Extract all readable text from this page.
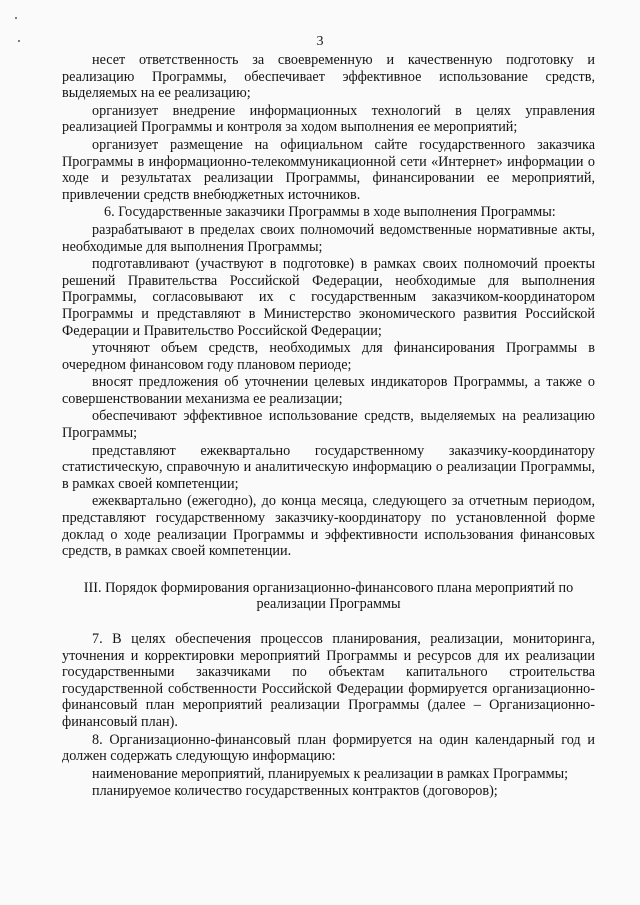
3

несет ответственность за своевременную и качественную подготовку и реализацию Программы, обеспечивает эффективное использование средств, выделяемых на ее реализацию;

организует внедрение информационных технологий в целях управления реализацией Программы и контроля за ходом выполнения ее мероприятий;

организует размещение на официальном сайте государственного заказчика Программы в информационно-телекоммуникационной сети «Интернет» информации о ходе и результатах реализации Программы, финансировании ее мероприятий, привлечении средств внебюджетных источников.

6. Государственные заказчики Программы в ходе выполнения Программы:

разрабатывают в пределах своих полномочий ведомственные нормативные акты, необходимые для выполнения Программы;

подготавливают (участвуют в подготовке) в рамках своих полномочий проекты решений Правительства Российской Федерации, необходимые для выполнения Программы, согласовывают их с государственным заказчиком-координатором Программы и представляют в Министерство экономического развития Российской Федерации и Правительство Российской Федерации;

уточняют объем средств, необходимых для финансирования Программы в очередном финансовом году плановом периоде;

вносят предложения об уточнении целевых индикаторов Программы, а также о совершенствовании механизма ее реализации;

обеспечивают эффективное использование средств, выделяемых на реализацию Программы;

представляют ежеквартально государственному заказчику-координатору статистическую, справочную и аналитическую информацию о реализации Программы, в рамках своей компетенции;

ежеквартально (ежегодно), до конца месяца, следующего за отчетным периодом, представляют государственному заказчику-координатору по установленной форме доклад о ходе реализации Программы и эффективности использования финансовых средств, в рамках своей компетенции.

III. Порядок формирования организационно-финансового плана мероприятий по реализации Программы

7. В целях обеспечения процессов планирования, реализации, мониторинга, уточнения и корректировки мероприятий Программы и ресурсов для их реализации государственными заказчиками по объектам капитального строительства государственной собственности Российской Федерации формируется организационно-финансовый план мероприятий реализации Программы (далее – Организационно-финансовый план).

8. Организационно-финансовый план формируется на один календарный год и должен содержать следующую информацию:

наименование мероприятий, планируемых к реализации в рамках Программы;

планируемое количество государственных контрактов (договоров);
